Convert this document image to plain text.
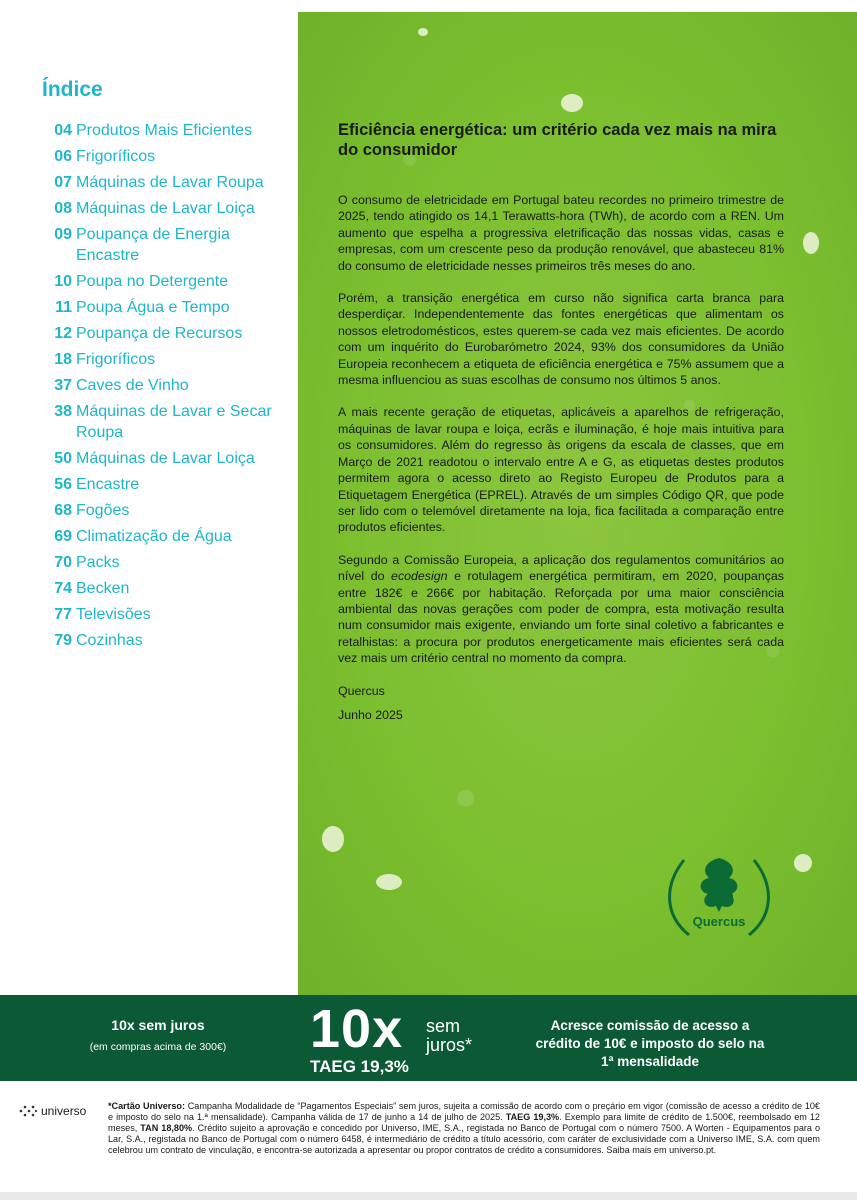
Índice
04 Produtos Mais Eficientes
06 Frigoríficos
07 Máquinas de Lavar Roupa
08 Máquinas de Lavar Loiça
09 Poupança de Energia Encastre
10 Poupa no Detergente
11 Poupa Água e Tempo
12 Poupança de Recursos
18 Frigoríficos
37 Caves de Vinho
38 Máquinas de Lavar e Secar Roupa
50 Máquinas de Lavar Loiça
56 Encastre
68 Fogões
69 Climatização de Água
70 Packs
74 Becken
77 Televisões
79 Cozinhas
Eficiência energética: um critério cada vez mais na mira do consumidor

O consumo de eletricidade em Portugal bateu recordes no primeiro trimestre de 2025, tendo atingido os 14,1 Terawatts-hora (TWh), de acordo com a REN. Um aumento que espelha a progressiva eletrificação das nossas vidas, casas e empresas, com um crescente peso da produção renovável, que abasteceu 81% do consumo de eletricidade nesses primeiros três meses do ano.

Porém, a transição energética em curso não significa carta branca para desperdiçar. Independentemente das fontes energéticas que alimentam os nossos eletrodomésticos, estes querem-se cada vez mais eficientes. De acordo com um inquérito do Eurobarómetro 2024, 93% dos consumidores da União Europeia reconhecem a etiqueta de eficiência energética e 75% assumem que a mesma influenciou as suas escolhas de consumo nos últimos 5 anos.

A mais recente geração de etiquetas, aplicáveis a aparelhos de refrigeração, máquinas de lavar roupa e loiça, ecrãs e iluminação, é hoje mais intuitiva para os consumidores. Além do regresso às origens da escala de classes, que em Março de 2021 readotou o intervalo entre A e G, as etiquetas destes produtos permitem agora o acesso direto ao Registo Europeu de Produtos para a Etiquetagem Energética (EPREL). Através de um simples Código QR, que pode ser lido com o telemóvel diretamente na loja, fica facilitada a comparação entre produtos eficientes.

Segundo a Comissão Europeia, a aplicação dos regulamentos comunitários ao nível do ecodesign e rotulagem energética permitiram, em 2020, poupanças entre 182€ e 266€ por habitação. Reforçada por uma maior consciência ambiental das novas gerações com poder de compra, esta motivação resulta num consumidor mais exigente, enviando um forte sinal coletivo a fabricantes e retalhistas: a procura por produtos energeticamente mais eficientes será cada vez mais um critério central no momento da compra.

Quercus
Junho 2025
Quercus
10x sem juros
(em compras acima de 300€)	10x sem
juros*
TAEG 19,3%
Acresce comissão de acesso a crédito de 10€ e imposto do selo na 1ª mensalidade
universo *Cartão Universo: Campanha Modalidade de “Pagamentos Especiais” sem juros, sujeita a comissão de acordo com o preçário em vigor (comissão de acesso a crédito de 10€ e imposto do selo na 1.ª mensalidade). Campanha válida de 17 de junho a 14 de julho de 2025. TAEG 19,3%. Exemplo para limite de crédito de 1.500€, reembolsado em 12 meses, TAN 18,80%. Crédito sujeito a aprovação e concedido por Universo, IME, S.A., registada no Banco de Portugal com o número 7500. A Worten - Equipamentos para o Lar, S.A., registada no Banco de Portugal com o número 6458, é intermediário de crédito a título acessório, com caráter de exclusividade com a Universo IME, S.A. com quem celebrou um contrato de vinculação, e encontra-se autorizada a apresentar ou propor contratos de crédito a consumidores. Saiba mais em universo.pt.
